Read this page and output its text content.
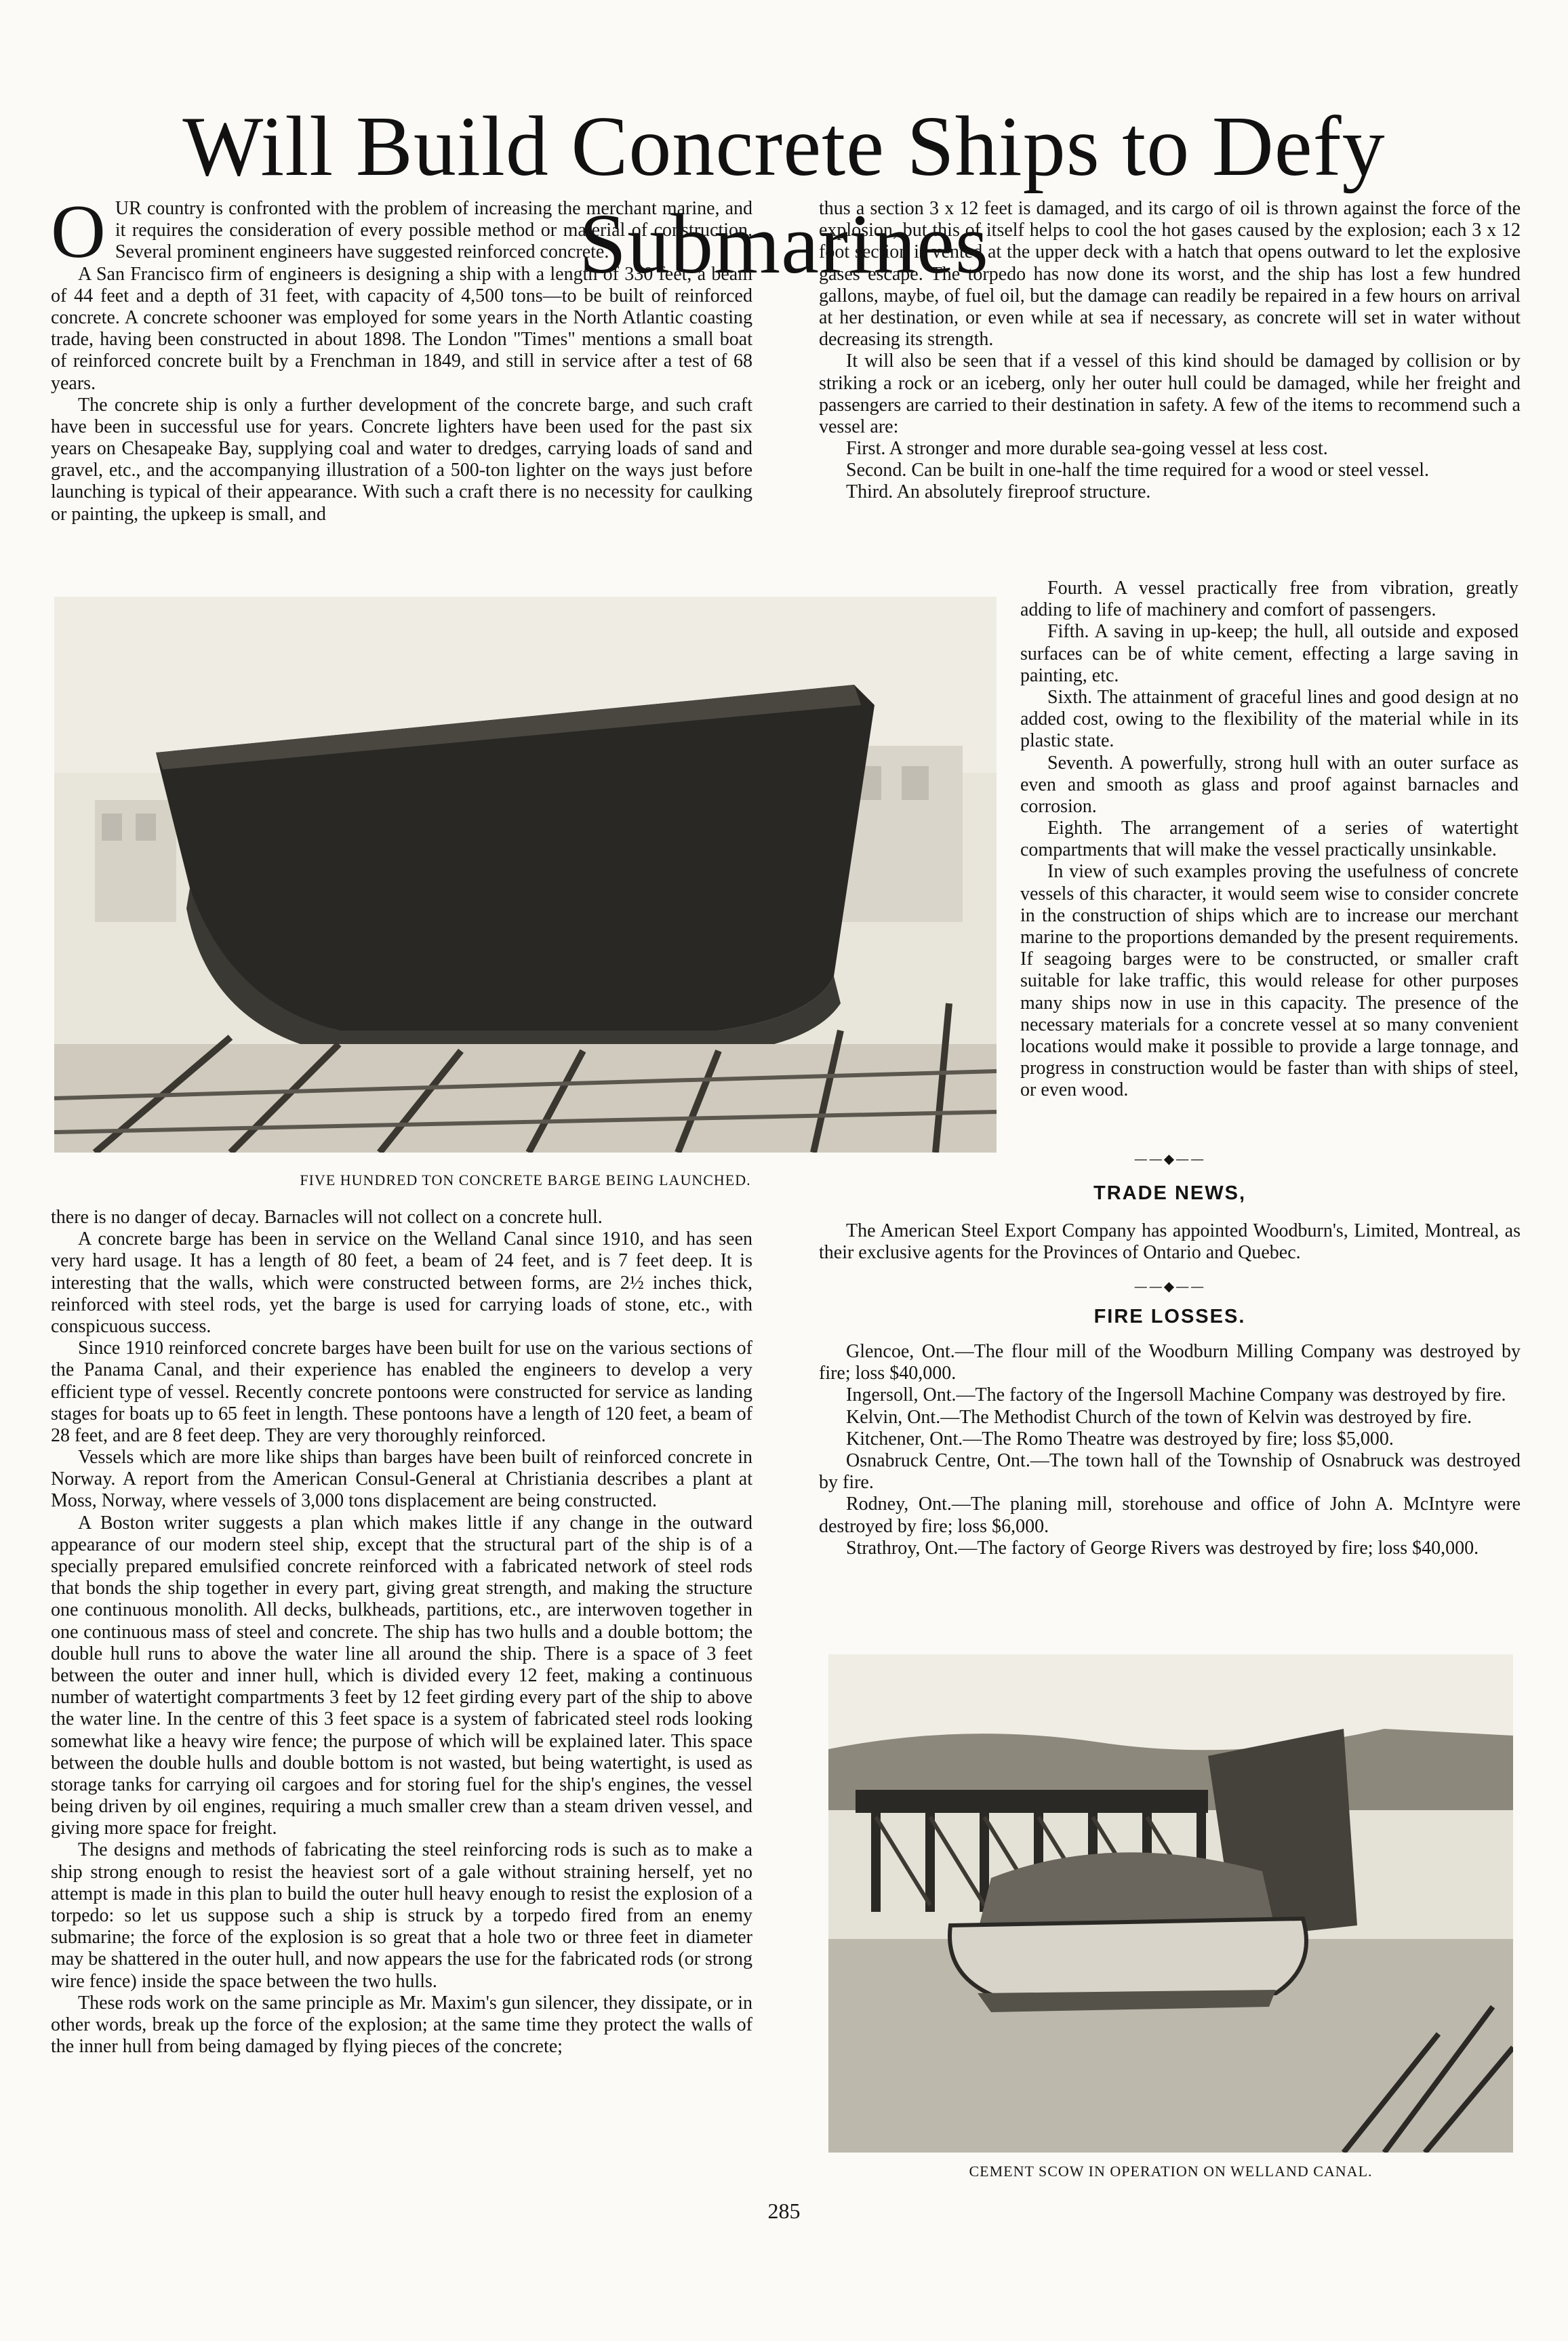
Will Build Concrete Ships to Defy Submarines

OUR country is confronted with the problem of increasing the merchant marine, and it requires the consideration of every possible method or material of construction. Several prominent engineers have suggested reinforced concrete.

A San Francisco firm of engineers is designing a ship with a length of 330 feet, a beam of 44 feet and a depth of 31 feet, with capacity of 4,500 tons—to be built of reinforced concrete. A concrete schooner was employed for some years in the North Atlantic coasting trade, having been constructed in about 1898. The London "Times" mentions a small boat of reinforced concrete built by a Frenchman in 1849, and still in service after a test of 68 years.

The concrete ship is only a further development of the concrete barge, and such craft have been in successful use for years. Concrete lighters have been used for the past six years on Chesapeake Bay, supplying coal and water to dredges, carrying loads of sand and gravel, etc., and the accompanying illustration of a 500-ton lighter on the ways just before launching is typical of their appearance. With such a craft there is no necessity for caulking or painting, the upkeep is small, and

thus a section 3 x 12 feet is damaged, and its cargo of oil is thrown against the force of the explosion, but this of itself helps to cool the hot gases caused by the explosion; each 3 x 12 foot section is vented at the upper deck with a hatch that opens outward to let the explosive gases escape. The torpedo has now done its worst, and the ship has lost a few hundred gallons, maybe, of fuel oil, but the damage can readily be repaired in a few hours on arrival at her destination, or even while at sea if necessary, as concrete will set in water without decreasing its strength.

It will also be seen that if a vessel of this kind should be damaged by collision or by striking a rock or an iceberg, only her outer hull could be damaged, while her freight and passengers are carried to their destination in safety. A few of the items to recommend such a vessel are:

First. A stronger and more durable sea-going vessel at less cost.

Second. Can be built in one-half the time required for a wood or steel vessel.

Third. An absolutely fireproof structure.

Fourth. A vessel practically free from vibration, greatly adding to life of machinery and comfort of passengers.

Fifth. A saving in up-keep; the hull, all outside and exposed surfaces can be of white cement, effecting a large saving in painting, etc.

Sixth. The attainment of graceful lines and good design at no added cost, owing to the flexibility of the material while in its plastic state.

Seventh. A powerfully, strong hull with an outer surface as even and smooth as glass and proof against barnacles and corrosion.

Eighth. The arrangement of a series of watertight compartments that will make the vessel practically unsinkable.

In view of such examples proving the usefulness of concrete vessels of this character, it would seem wise to consider concrete in the construction of ships which are to increase our merchant marine to the proportions demanded by the present requirements. If seagoing barges were to be constructed, or smaller craft suitable for lake traffic, this would release for other purposes many ships now in use in this capacity. The presence of the necessary materials for a concrete vessel at so many convenient locations would make it possible to provide a large tonnage, and progress in construction would be faster than with ships of steel, or even wood.

FIVE HUNDRED TON CONCRETE BARGE BEING LAUNCHED.

there is no danger of decay. Barnacles will not collect on a concrete hull.

A concrete barge has been in service on the Welland Canal since 1910, and has seen very hard usage. It has a length of 80 feet, a beam of 24 feet, and is 7 feet deep. It is interesting that the walls, which were constructed between forms, are 2½ inches thick, reinforced with steel rods, yet the barge is used for carrying loads of stone, etc., with conspicuous success.

Since 1910 reinforced concrete barges have been built for use on the various sections of the Panama Canal, and their experience has enabled the engineers to develop a very efficient type of vessel. Recently concrete pontoons were constructed for service as landing stages for boats up to 65 feet in length. These pontoons have a length of 120 feet, a beam of 28 feet, and are 8 feet deep. They are very thoroughly reinforced.

Vessels which are more like ships than barges have been built of reinforced concrete in Norway. A report from the American Consul-General at Christiania describes a plant at Moss, Norway, where vessels of 3,000 tons displacement are being constructed.

A Boston writer suggests a plan which makes little if any change in the outward appearance of our modern steel ship, except that the structural part of the ship is of a specially prepared emulsified concrete reinforced with a fabricated network of steel rods that bonds the ship together in every part, giving great strength, and making the structure one continuous monolith. All decks, bulkheads, partitions, etc., are interwoven together in one continuous mass of steel and concrete. The ship has two hulls and a double bottom; the double hull runs to above the water line all around the ship. There is a space of 3 feet between the outer and inner hull, which is divided every 12 feet, making a continuous number of watertight compartments 3 feet by 12 feet girding every part of the ship to above the water line. In the centre of this 3 feet space is a system of fabricated steel rods looking somewhat like a heavy wire fence; the purpose of which will be explained later. This space between the double hulls and double bottom is not wasted, but being watertight, is used as storage tanks for carrying oil cargoes and for storing fuel for the ship's engines, the vessel being driven by oil engines, requiring a much smaller crew than a steam driven vessel, and giving more space for freight.

The designs and methods of fabricating the steel reinforcing rods is such as to make a ship strong enough to resist the heaviest sort of a gale without straining herself, yet no attempt is made in this plan to build the outer hull heavy enough to resist the explosion of a torpedo: so let us suppose such a ship is struck by a torpedo fired from an enemy submarine; the force of the explosion is so great that a hole two or three feet in diameter may be shattered in the outer hull, and now appears the use for the fabricated rods (or strong wire fence) inside the space between the two hulls.

These rods work on the same principle as Mr. Maxim's gun silencer, they dissipate, or in other words, break up the force of the explosion; at the same time they protect the walls of the inner hull from being damaged by flying pieces of the concrete;

——◆——
TRADE NEWS,

The American Steel Export Company has appointed Woodburn's, Limited, Montreal, as their exclusive agents for the Provinces of Ontario and Quebec.

——◆——
FIRE LOSSES.

Glencoe, Ont.—The flour mill of the Woodburn Milling Company was destroyed by fire; loss $40,000.

Ingersoll, Ont.—The factory of the Ingersoll Machine Company was destroyed by fire.

Kelvin, Ont.—The Methodist Church of the town of Kelvin was destroyed by fire.

Kitchener, Ont.—The Romo Theatre was destroyed by fire; loss $5,000.

Osnabruck Centre, Ont.—The town hall of the Township of Osnabruck was destroyed by fire.

Rodney, Ont.—The planing mill, storehouse and office of John A. McIntyre were destroyed by fire; loss $6,000.

Strathroy, Ont.—The factory of George Rivers was destroyed by fire; loss $40,000.

CEMENT SCOW IN OPERATION ON WELLAND CANAL.

285
